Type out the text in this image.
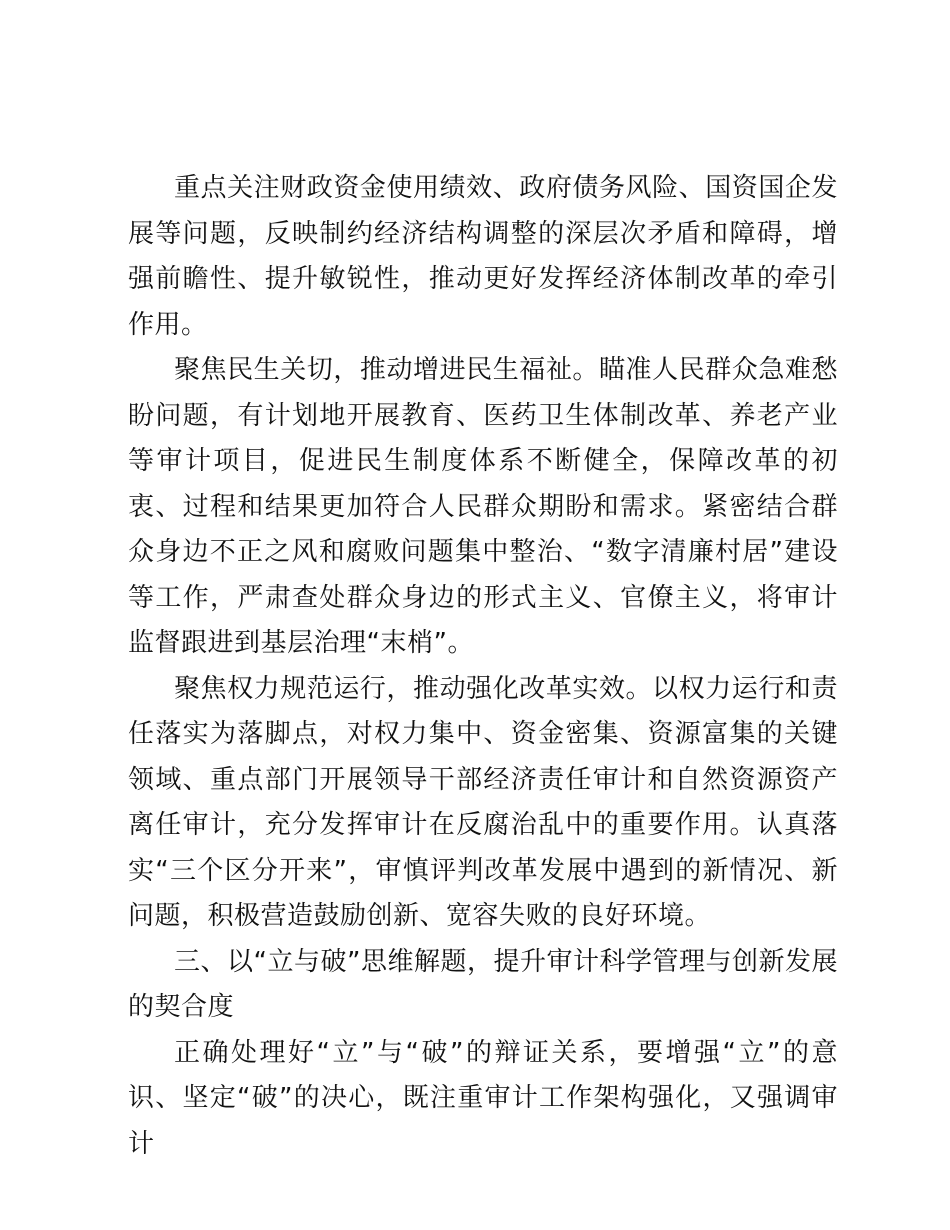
重点关注财政资金使用绩效、政府债务风险、国资国企发展等问题，反映制约经济结构调整的深层次矛盾和障碍，增强前瞻性、提升敏锐性，推动更好发挥经济体制改革的牵引作用。

聚焦民生关切，推动增进民生福祉。瞄准人民群众急难愁盼问题，有计划地开展教育、医药卫生体制改革、养老产业等审计项目，促进民生制度体系不断健全，保障改革的初衷、过程和结果更加符合人民群众期盼和需求。紧密结合群众身边不正之风和腐败问题集中整治、“数字清廉村居”建设等工作，严肃查处群众身边的形式主义、官僚主义，将审计监督跟进到基层治理“末梢”。

聚焦权力规范运行，推动强化改革实效。以权力运行和责任落实为落脚点，对权力集中、资金密集、资源富集的关键领域、重点部门开展领导干部经济责任审计和自然资源资产离任审计，充分发挥审计在反腐治乱中的重要作用。认真落实“三个区分开来”，审慎评判改革发展中遇到的新情况、新问题，积极营造鼓励创新、宽容失败的良好环境。

三、以“立与破”思维解题，提升审计科学管理与创新发展的契合度

正确处理好“立”与“破”的辩证关系，要增强“立”的意识、坚定“破”的决心，既注重审计工作架构强化，又强调审计
